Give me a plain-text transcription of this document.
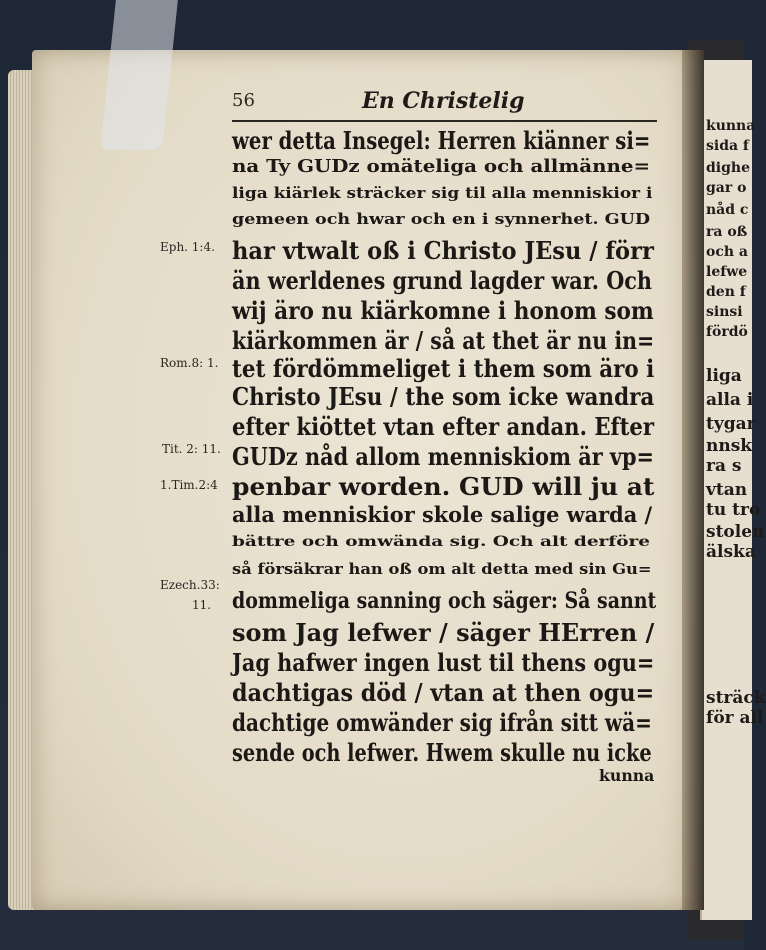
kunna
sida f
dighe
gar o
nåd c
ra oß
och a
lefwe
den f
sinsi
fördö
liga
alla i
tygar
nnsk
ra s
vtan
tu tro
stolen
älska
sträck
för all
56	En Christelig
wer detta Insegel: Herren kiänner si=
na Ty GUDz omäteliga och allmänne=
liga kiärlek sträcker sig til alla menniskior i
gemeen och hwar och en i synnerhet. GUD
har vtwalt oß i Christo JEsu / förr
än werldenes grund lagder war. Och
wij äro nu kiärkomne i honom som
kiärkommen är / så at thet är nu in=
tet fördömmeliget i them som äro i
Christo JEsu / the som icke wandra
efter kiöttet vtan efter andan. Efter
GUDz nåd allom menniskiom är vp=
penbar worden. GUD will ju at
alla menniskior skole salige warda /
bättre och omwända sig. Och alt derföre
så försäkrar han oß om alt detta med sin Gu=
dommeliga sanning och säger: Så sannt
som Jag lefwer / säger HErren /
Jag hafwer ingen lust til thens ogu=
dachtigas död / vtan at then ogu=
dachtige omwänder sig ifrån sitt wä=
sende och lefwer. Hwem skulle nu icke
kunna
Eph. 1:4.
Rom.8: 1.
Tit. 2: 11.
1.Tim.2:4
Ezech.33:
11.
